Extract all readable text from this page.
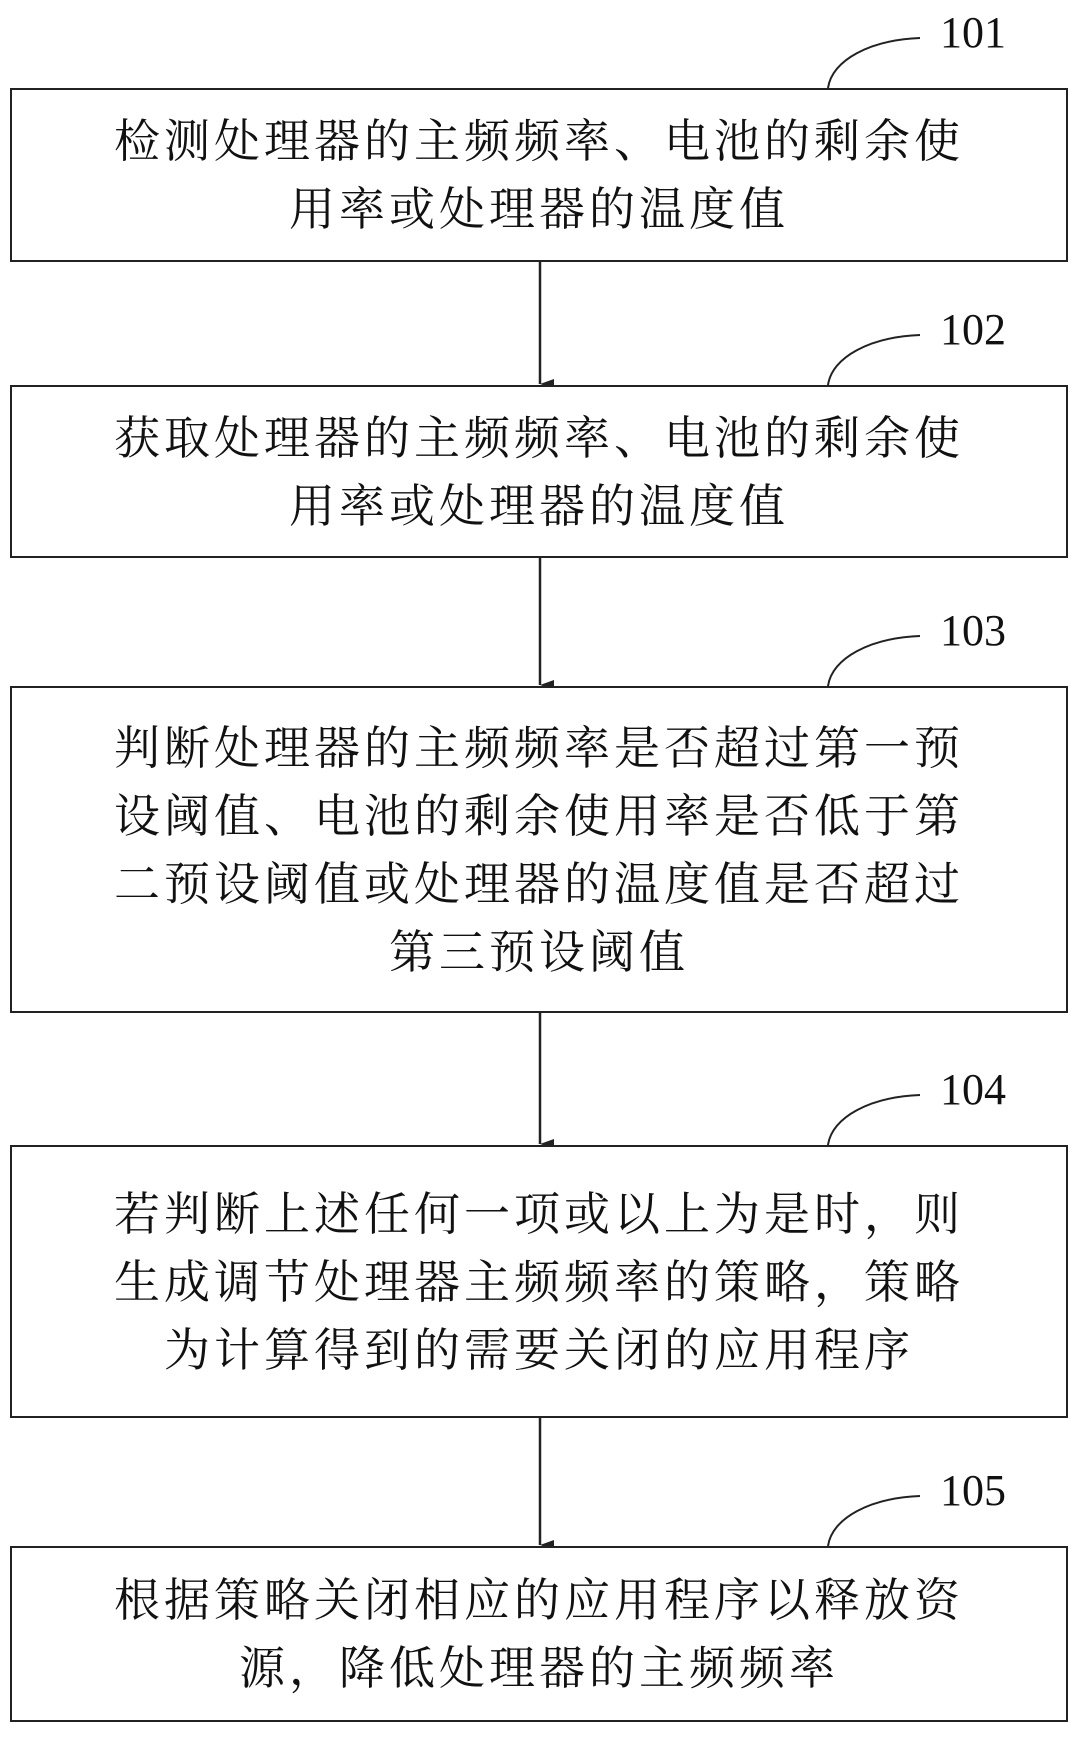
101
检测处理器的主频频率、电池的剩余使
用率或处理器的温度值
102
获取处理器的主频频率、电池的剩余使
用率或处理器的温度值
103
判断处理器的主频频率是否超过第一预
设阈值、电池的剩余使用率是否低于第
二预设阈值或处理器的温度值是否超过
第三预设阈值
104
若判断上述任何一项或以上为是时，则
生成调节处理器主频频率的策略，策略
为计算得到的需要关闭的应用程序
105
根据策略关闭相应的应用程序以释放资
源，降低处理器的主频频率
